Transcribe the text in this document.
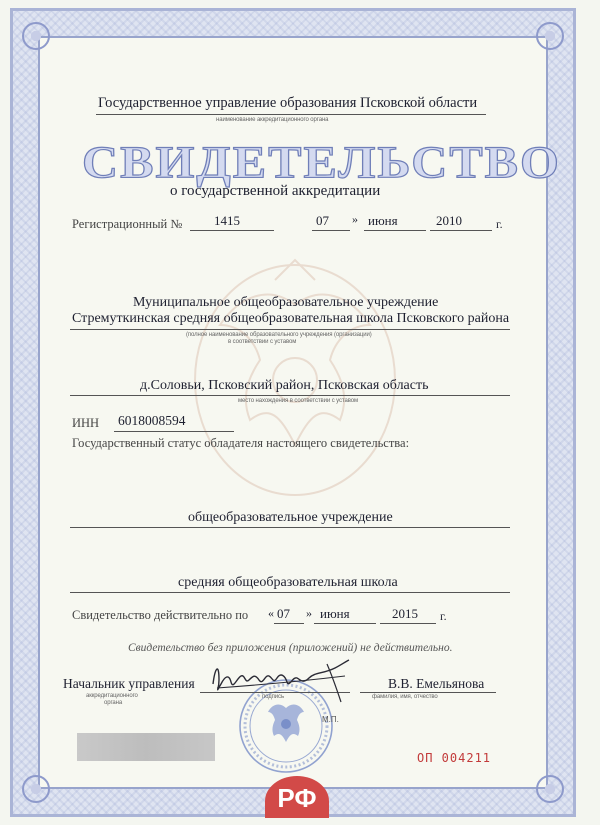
Государственное управление образования Псковской области
наименование аккредитационного органа
СВИДЕТЕЛЬСТВО
о государственной аккредитации
Регистрационный № 1415	07 » июня	2010	г.
Муниципальное общеобразовательное учреждение
Стремуткинская средняя общеобразовательная школа Псковского района
(полное наименование образовательного учреждения (организации)
в соответствии с уставом
д.Соловьи, Псковский район, Псковская область
место нахождения в соответствии с уставом
ИНН 6018008594
Государственный статус обладателя настоящего свидетельства:
общеобразовательное учреждение
средняя общеобразовательная школа
Свидетельство действительно по « 07 » июня	2015 г.
Свидетельство без приложения (приложений) не действительно.
Начальник управления
аккредитационного
органа
подпись
В.В. Емельянова
фамилия, имя, отчество
М.П.
ОП 004211
РФ
